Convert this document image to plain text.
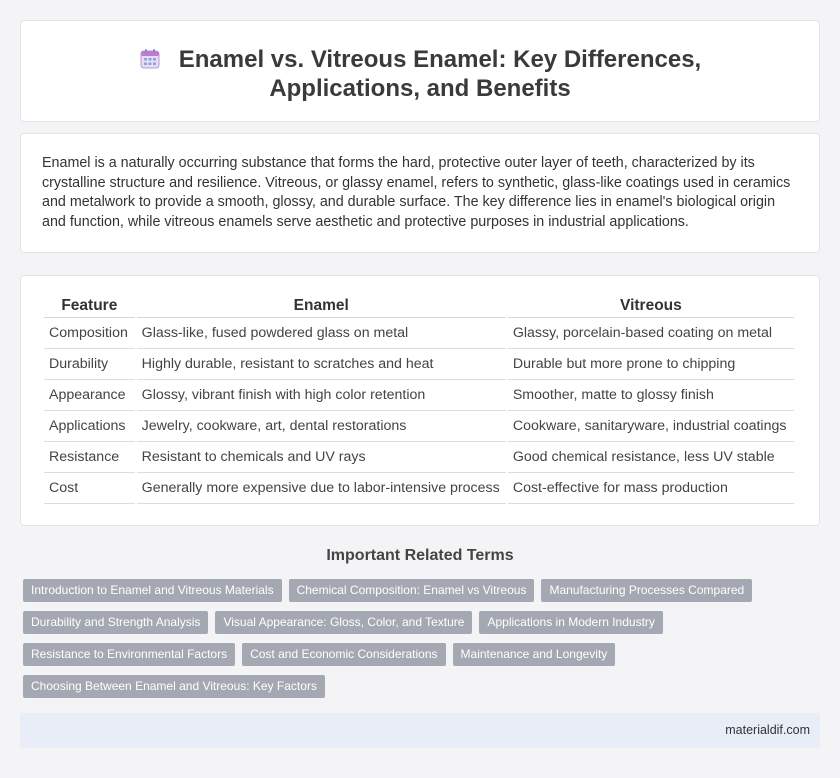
Enamel vs. Vitreous Enamel: Key Differences, Applications, and Benefits

Enamel is a naturally occurring substance that forms the hard, protective outer layer of teeth, characterized by its crystalline structure and resilience. Vitreous, or glassy enamel, refers to synthetic, glass-like coatings used in ceramics and metalwork to provide a smooth, glossy, and durable surface. The key difference lies in enamel's biological origin and function, while vitreous enamels serve aesthetic and protective purposes in industrial applications.

Feature	Enamel	Vitreous
Composition	Glass-like, fused powdered glass on metal	Glassy, porcelain-based coating on metal
Durability	Highly durable, resistant to scratches and heat	Durable but more prone to chipping
Appearance	Glossy, vibrant finish with high color retention	Smoother, matte to glossy finish
Applications	Jewelry, cookware, art, dental restorations	Cookware, sanitaryware, industrial coatings
Resistance	Resistant to chemicals and UV rays	Good chemical resistance, less UV stable
Cost	Generally more expensive due to labor-intensive process	Cost-effective for mass production
Important Related Terms
Introduction to Enamel and Vitreous Materials	Chemical Composition: Enamel vs Vitreous	Manufacturing Processes Compared
Durability and Strength Analysis	Visual Appearance: Gloss, Color, and Texture	Applications in Modern Industry
Resistance to Environmental Factors	Cost and Economic Considerations	Maintenance and Longevity
Choosing Between Enamel and Vitreous: Key Factors
materialdif.com
